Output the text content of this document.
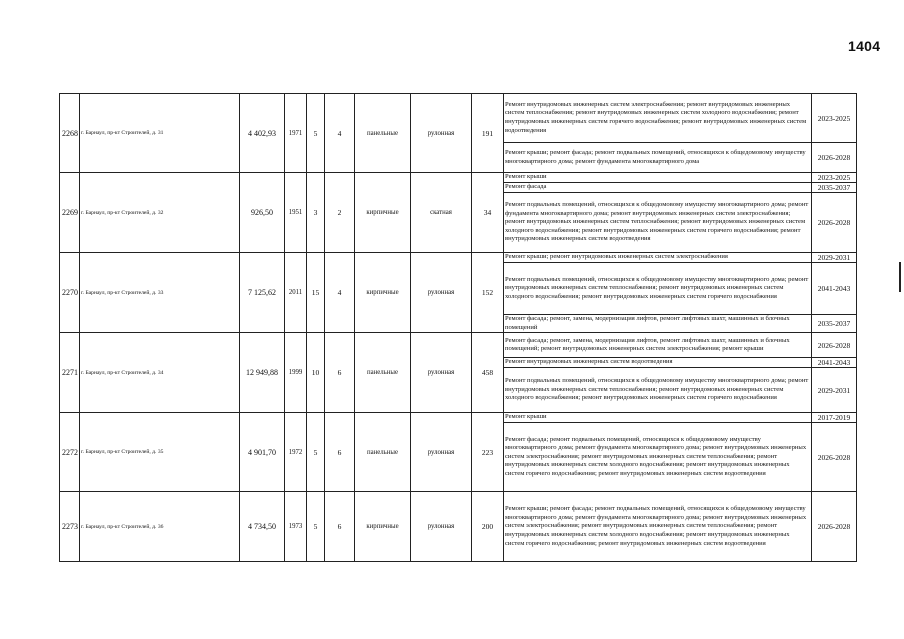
1404
2268	г. Барнаул, пр-кт Строителей, д. 31	4 402,93	1971	5	4	панельные	рулонная	191	Ремонт внутридомовых инженерных систем электроснабжения; ремонт внутридомовых инженерных систем теплоснабжения; ремонт внутридомовых инженерных систем холодного водоснабжения; ремонт внутридомовых инженерных систем горячего водоснабжения; ремонт внутридомовых инженерных систем водоотведения	2023-2025
									Ремонт крыши; ремонт фасада; ремонт подвальных помещений, относящихся к общедомовому имуществу многоквартирного дома; ремонт фундамента многоквартирного дома	2026-2028
2269	г. Барнаул, пр-кт Строителей, д. 32	926,50	1951	3	2	кирпичные	скатная	34	Ремонт крыши	2023-2025
									Ремонт фасада	2035-2037
									Ремонт подвальных помещений, относящихся к общедомовому имуществу многоквартирного дома; ремонт фундамента многоквартирного дома; ремонт внутридомовых инженерных систем электроснабжения; ремонт внутридомовых инженерных систем теплоснабжения; ремонт внутридомовых инженерных систем холодного водоснабжения; ремонт внутридомовых инженерных систем горячего водоснабжения; ремонт внутридомовых инженерных систем водоотведения	2026-2028
2270	г. Барнаул, пр-кт Строителей, д. 33	7 125,62	2011	15	4	кирпичные	рулонная	152	Ремонт крыши; ремонт внутридомовых инженерных систем электроснабжения	2029-2031
									Ремонт подвальных помещений, относящихся к общедомовому имуществу многоквартирного дома; ремонт внутридомовых инженерных систем теплоснабжения; ремонт внутридомовых инженерных систем холодного водоснабжения; ремонт внутридомовых инженерных систем горячего водоснабжения	2041-2043
									Ремонт фасада; ремонт, замена, модернизация лифтов, ремонт лифтовых шахт, машинных и блочных помещений	2035-2037
2271	г. Барнаул, пр-кт Строителей, д. 34	12 949,88	1999	10	6	панельные	рулонная	458	Ремонт фасада; ремонт, замена, модернизация лифтов, ремонт лифтовых шахт, машинных и блочных помещений; ремонт внутридомовых инженерных систем электроснабжения; ремонт крыши	2026-2028
									Ремонт внутридомовых инженерных систем водоотведения	2041-2043
									Ремонт подвальных помещений, относящихся к общедомовому имуществу многоквартирного дома; ремонт внутридомовых инженерных систем теплоснабжения; ремонт внутридомовых инженерных систем холодного водоснабжения; ремонт внутридомовых инженерных систем горячего водоснабжения	2029-2031
2272	г. Барнаул, пр-кт Строителей, д. 35	4 901,70	1972	5	6	панельные	рулонная	223	Ремонт крыши	2017-2019
									Ремонт фасада; ремонт подвальных помещений, относящихся к общедомовому имуществу многоквартирного дома; ремонт фундамента многоквартирного дома; ремонт внутридомовых инженерных систем электроснабжения; ремонт внутридомовых инженерных систем теплоснабжения; ремонт внутридомовых инженерных систем холодного водоснабжения; ремонт внутридомовых инженерных систем горячего водоснабжения; ремонт внутридомовых инженерных систем водоотведения	2026-2028
2273	г. Барнаул, пр-кт Строителей, д. 36	4 734,50	1973	5	6	кирпичные	рулонная	200	Ремонт крыши; ремонт фасада; ремонт подвальных помещений, относящихся к общедомовому имуществу многоквартирного дома; ремонт фундамента многоквартирного дома; ремонт внутридомовых инженерных систем электроснабжения; ремонт внутридомовых инженерных систем теплоснабжения; ремонт внутридомовых инженерных систем холодного водоснабжения; ремонт внутридомовых инженерных систем горячего водоснабжения; ремонт внутридомовых инженерных систем водоотведения	2026-2028
